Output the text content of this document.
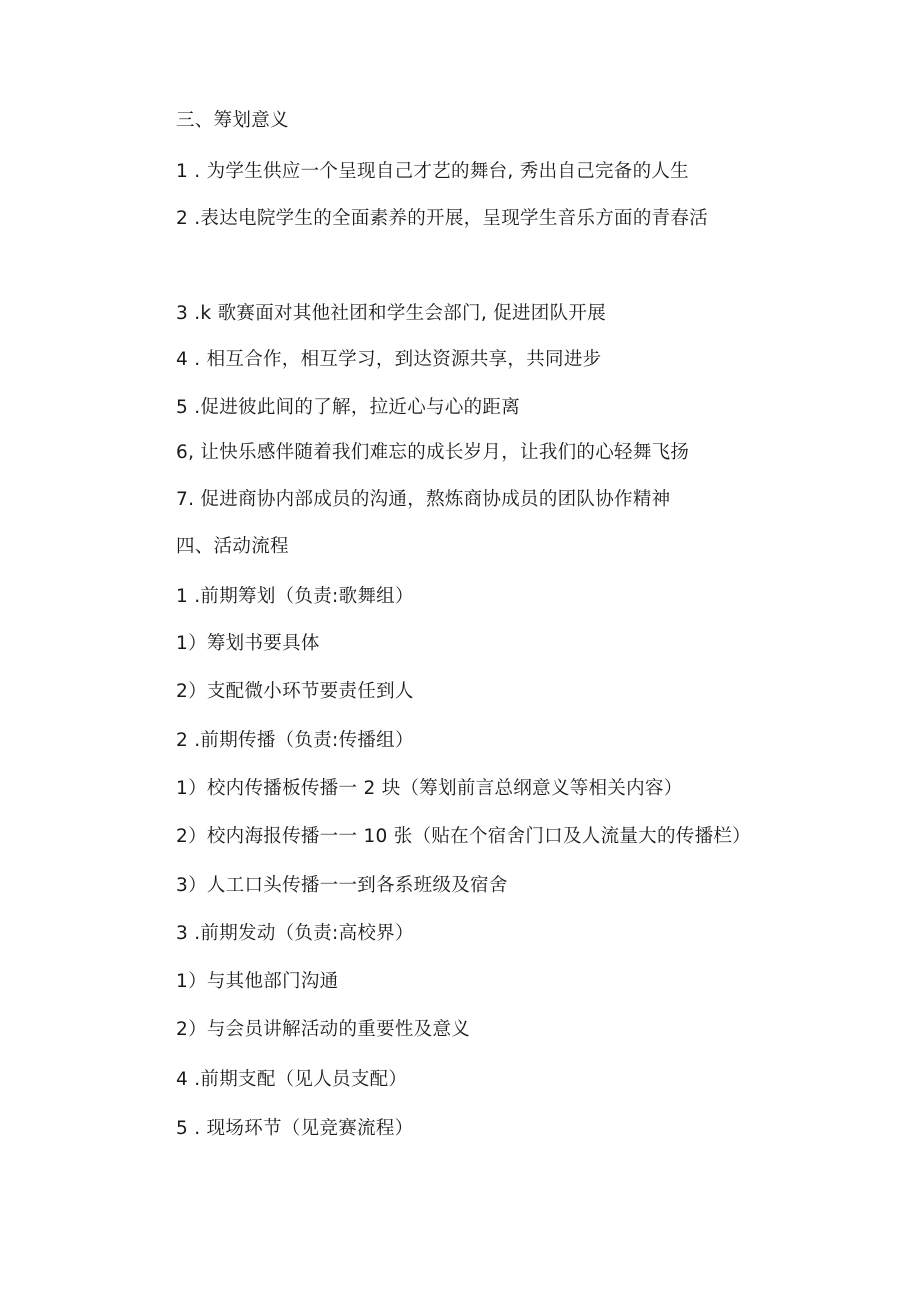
三、筹划意义
1 . 为学生供应一个呈现自己才艺的舞台, 秀出自己完备的人生
2 .表达电院学生的全面素养的开展，呈现学生音乐方面的青春活
3 .k 歌赛面对其他社团和学生会部门, 促进团队开展
4 . 相互合作，相互学习，到达资源共享，共同进步
5 .促进彼此间的了解，拉近心与心的距离
6, 让快乐感伴随着我们难忘的成长岁月，让我们的心轻舞飞扬
7. 促进商协内部成员的沟通，熬炼商协成员的团队协作精神
四、活动流程
1 .前期筹划（负责:歌舞组）
1）筹划书要具体
2）支配微小环节要责任到人
2 .前期传播（负责:传播组）
1）校内传播板传播一 2 块（筹划前言总纲意义等相关内容）
2）校内海报传播一一 10 张（贴在个宿舍门口及人流量大的传播栏）
3）人工口头传播一一到各系班级及宿舍
3 .前期发动（负责:高校界）
1）与其他部门沟通
2）与会员讲解活动的重要性及意义
4 .前期支配（见人员支配）
5 . 现场环节（见竞赛流程）
